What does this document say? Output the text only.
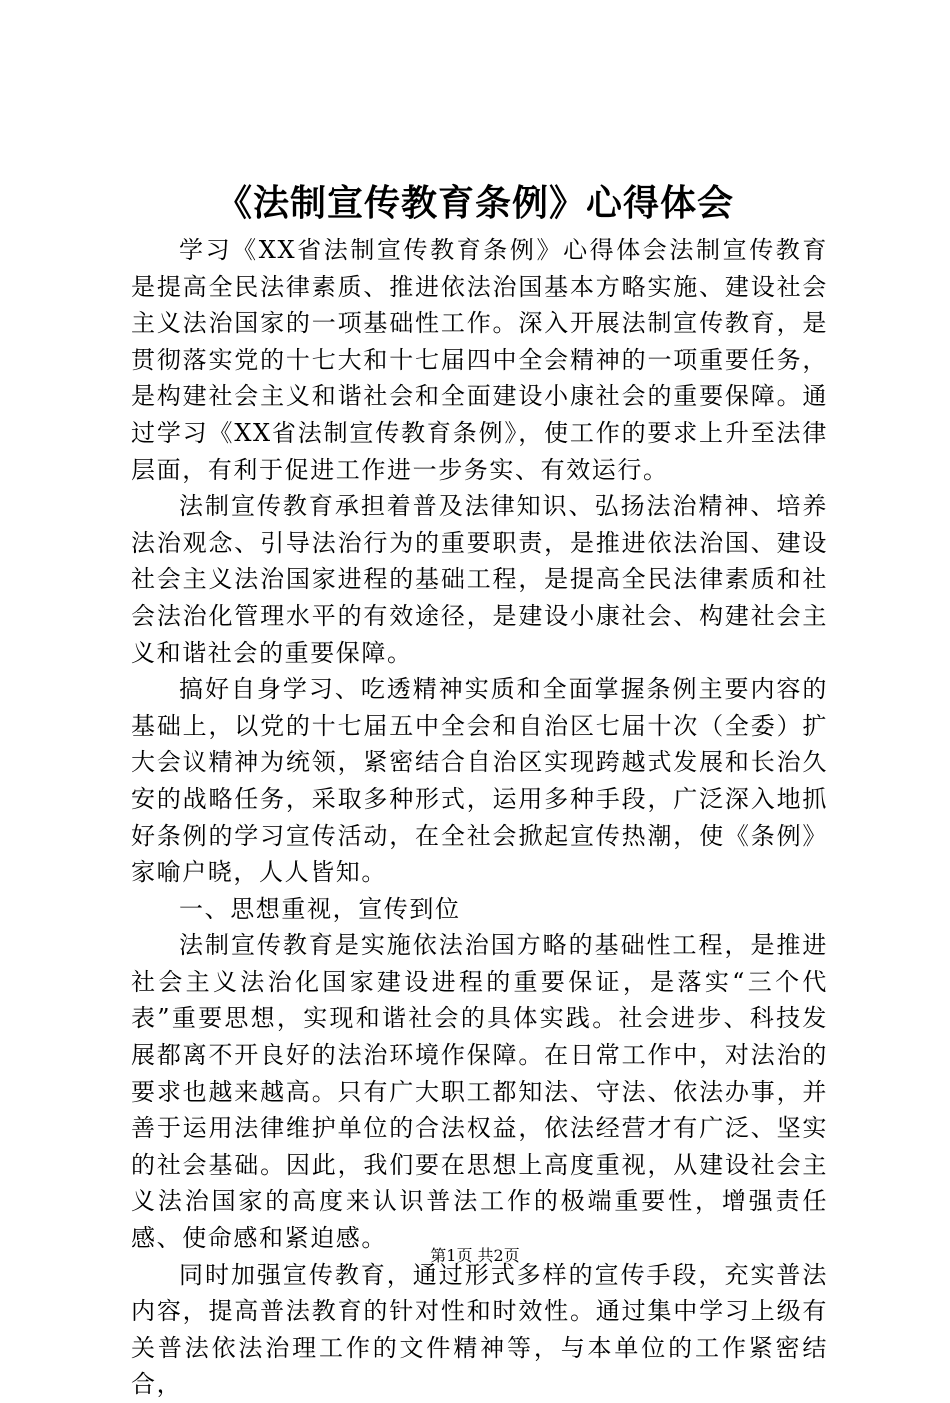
《法制宣传教育条例》心得体会

学习《XX省法制宣传教育条例》心得体会法制宣传教育是提高全民法律素质、推进依法治国基本方略实施、建设社会主义法治国家的一项基础性工作。深入开展法制宣传教育，是贯彻落实党的十七大和十七届四中全会精神的一项重要任务，是构建社会主义和谐社会和全面建设小康社会的重要保障。通过学习《XX省法制宣传教育条例》，使工作的要求上升至法律层面，有利于促进工作进一步务实、有效运行。

法制宣传教育承担着普及法律知识、弘扬法治精神、培养法治观念、引导法治行为的重要职责，是推进依法治国、建设社会主义法治国家进程的基础工程，是提高全民法律素质和社会法治化管理水平的有效途径，是建设小康社会、构建社会主义和谐社会的重要保障。

搞好自身学习、吃透精神实质和全面掌握条例主要内容的基础上，以党的十七届五中全会和自治区七届十次（全委）扩大会议精神为统领，紧密结合自治区实现跨越式发展和长治久安的战略任务，采取多种形式，运用多种手段，广泛深入地抓好条例的学习宣传活动，在全社会掀起宣传热潮，使《条例》家喻户晓，人人皆知。

一、思想重视，宣传到位

法制宣传教育是实施依法治国方略的基础性工程，是推进社会主义法治化国家建设进程的重要保证，是落实“三个代表”重要思想，实现和谐社会的具体实践。社会进步、科技发展都离不开良好的法治环境作保障。在日常工作中，对法治的要求也越来越高。只有广大职工都知法、守法、依法办事，并善于运用法律维护单位的合法权益，依法经营才有广泛、坚实的社会基础。因此，我们要在思想上高度重视，从建设社会主义法治国家的高度来认识普法工作的极端重要性，增强责任感、使命感和紧迫感。

同时加强宣传教育，通过形式多样的宣传手段，充实普法内容，提高普法教育的针对性和时效性。通过集中学习上级有关普法依法治理工作的文件精神等，与本单位的工作紧密结合，

第1页 共2页
